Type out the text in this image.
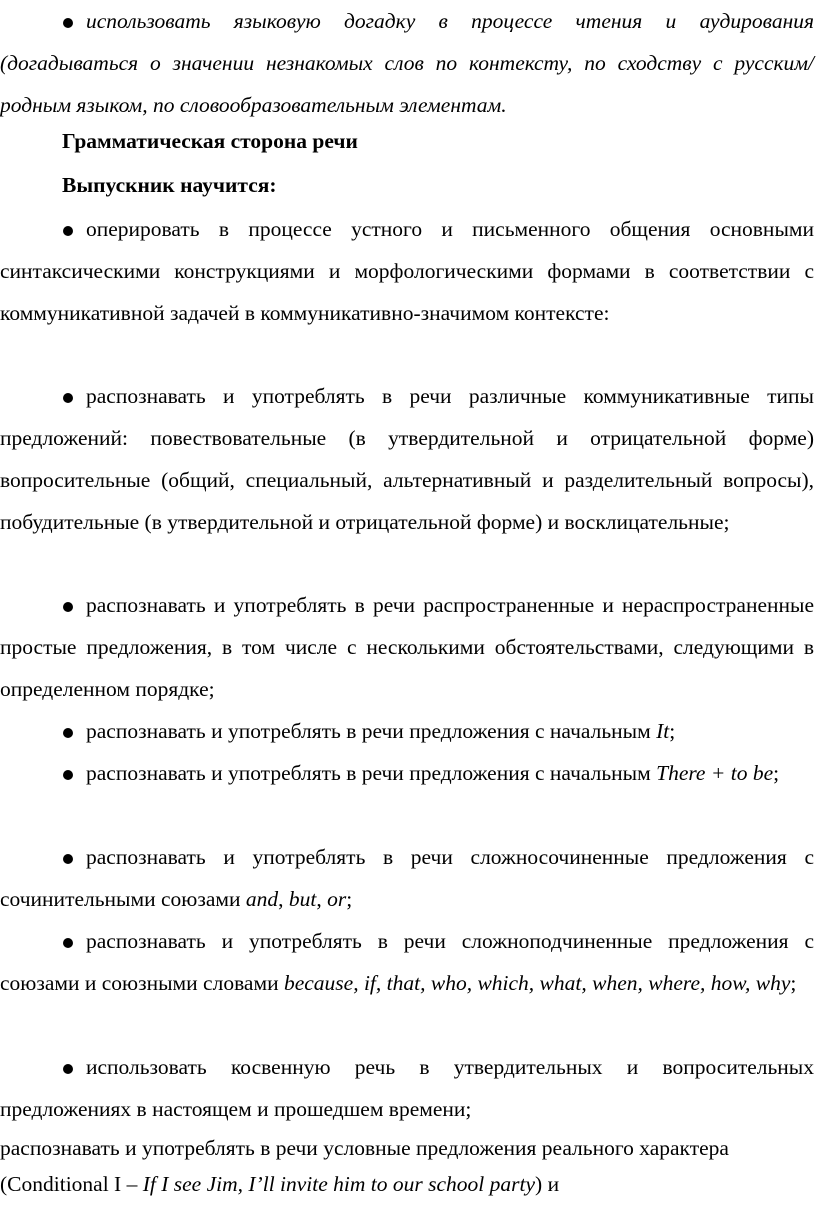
использовать языковую догадку в процессе чтения и аудирования (догадываться о значении незнакомых слов по контексту, по сходству с русским/ родным языком, по словообразовательным элементам.

Грамматическая сторона речи
Выпускник научится:

оперировать в процессе устного и письменного общения основными синтаксическими конструкциями и морфологическими формами в соответствии с коммуникативной задачей в коммуникативно-значимом контексте:

распознавать и употреблять в речи различные коммуникативные типы предложений: повествовательные (в утвердительной и отрицательной форме) вопросительные (общий, специальный, альтернативный и разделительный вопросы), побудительные (в утвердительной и отрицательной форме) и восклицательные;

распознавать и употреблять в речи распространенные и нераспространенные простые предложения, в том числе с несколькими обстоятельствами, следующими в определенном порядке;

распознавать и употреблять в речи предложения с начальным It;

распознавать и употреблять в речи предложения с начальным There + to be;

распознавать и употреблять в речи сложносочиненные предложения с сочинительными союзами and, but, or;

распознавать и употреблять в речи сложноподчиненные предложения с союзами и союзными словами because, if, that, who, which, what, when, where, how, why;

использовать косвенную речь в утвердительных и вопросительных предложениях в настоящем и прошедшем времени;

распознавать и употреблять в речи условные предложения реального характера (Conditional I – If I see Jim, I’ll invite him to our school party) и
